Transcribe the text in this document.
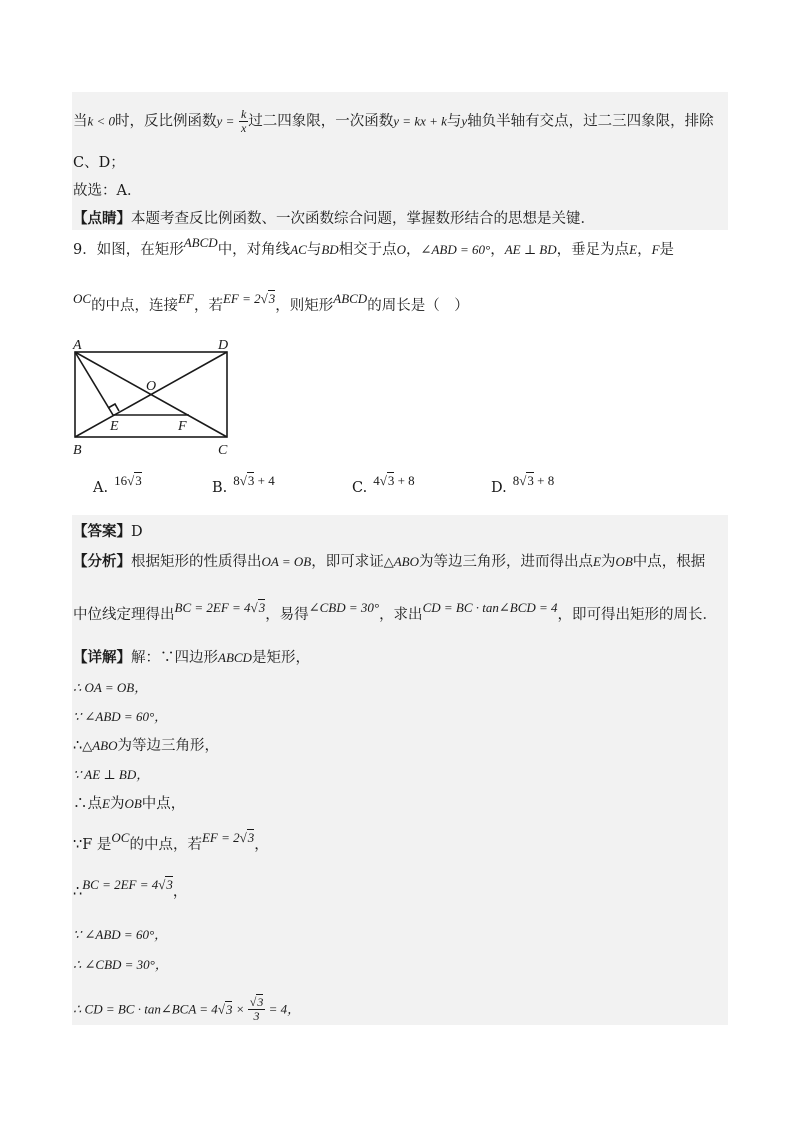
当k < 0时，反比例函数$y = \frac{k}{x}$ 过二四象限，一次函数y = kx + k与y轴负半轴有交点，过二三四象限，排除
C、D；
故选：A．
【点睛】本题考查反比例函数、一次函数综合问题，掌握数形结合的思想是关键．
9．如图，在矩形ABCD中，对角线AC与BD相交于点O，∠ABD = 60°，AE ⊥ BD，垂足为点E，F是
OC的中点，连接EF，若EF = 2√3，则矩形ABCD的周长是（　）
A	D
O
E	F
B	C
A. 16√3	B. 8√3 + 4	C. 4√3 + 8	D. 8√3 + 8
【答案】D
【分析】根据矩形的性质得出OA = OB，即可求证△ABO为等边三角形，进而得出点E为OB中点，根据
中位线定理得出BC = 2EF = 4√3，易得∠CBD = 30°，求出CD = BC · tan∠BCD = 4，即可得出矩形的周长．
【详解】解：∵四边形ABCD是矩形，
∴ OA = OB，
∵ ∠ABD = 60°，
∴△ABO为等边三角形，
∵ AE ⊥ BD，
∴点E为OB中点，
∵F 是OC的中点，若EF = 2√3，
∴BC = 2EF = 4√3，
∵ ∠ABD = 60°，
∴ ∠CBD = 30°，
∴ CD = BC · tan∠BCA = $4√3 \times \frac{√3}{3} = 4$，
